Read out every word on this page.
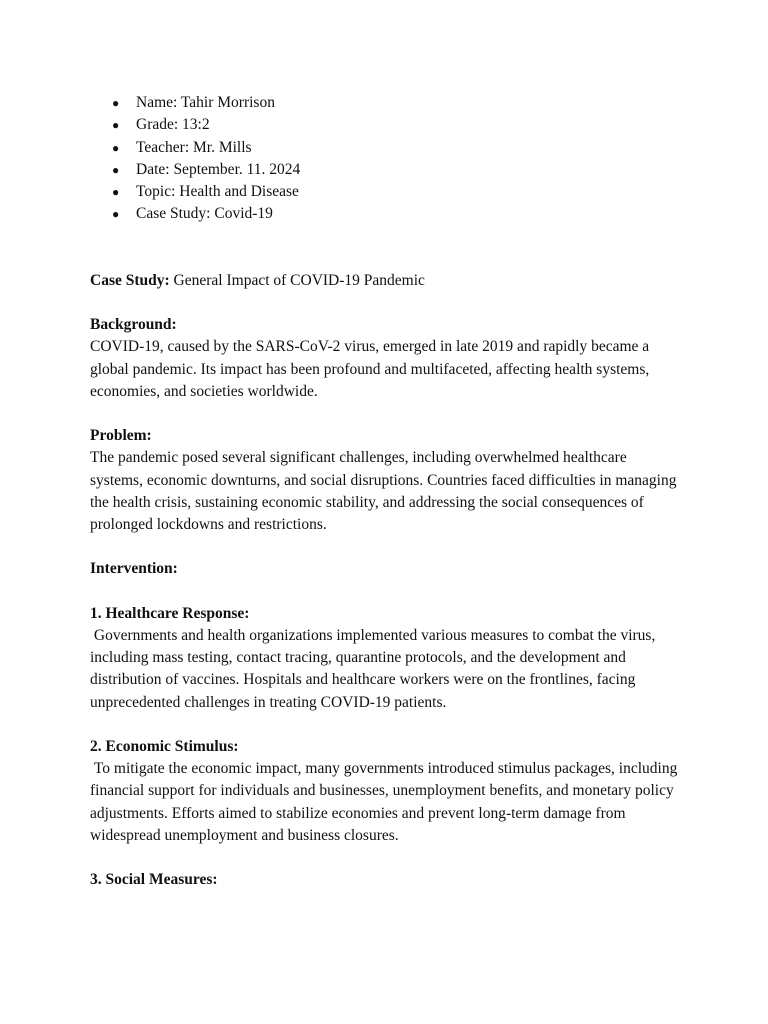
● Name: Tahir Morrison
● Grade: 13:2
● Teacher: Mr. Mills
● Date: September. 11. 2024
● Topic: Health and Disease
● Case Study: Covid-19
Case Study: General Impact of COVID-19 Pandemic
Background:

COVID-19, caused by the SARS-CoV-2 virus, emerged in late 2019 and rapidly became a global pandemic. Its impact has been profound and multifaceted, affecting health systems, economies, and societies worldwide.

Problem:

The pandemic posed several significant challenges, including overwhelmed healthcare systems, economic downturns, and social disruptions. Countries faced difficulties in managing the health crisis, sustaining economic stability, and addressing the social consequences of prolonged lockdowns and restrictions.

Intervention:
1. Healthcare Response:

Governments and health organizations implemented various measures to combat the virus, including mass testing, contact tracing, quarantine protocols, and the development and distribution of vaccines. Hospitals and healthcare workers were on the frontlines, facing unprecedented challenges in treating COVID-19 patients.

2. Economic Stimulus:

To mitigate the economic impact, many governments introduced stimulus packages, including financial support for individuals and businesses, unemployment benefits, and monetary policy adjustments. Efforts aimed to stabilize economies and prevent long-term damage from widespread unemployment and business closures.

3. Social Measures:
